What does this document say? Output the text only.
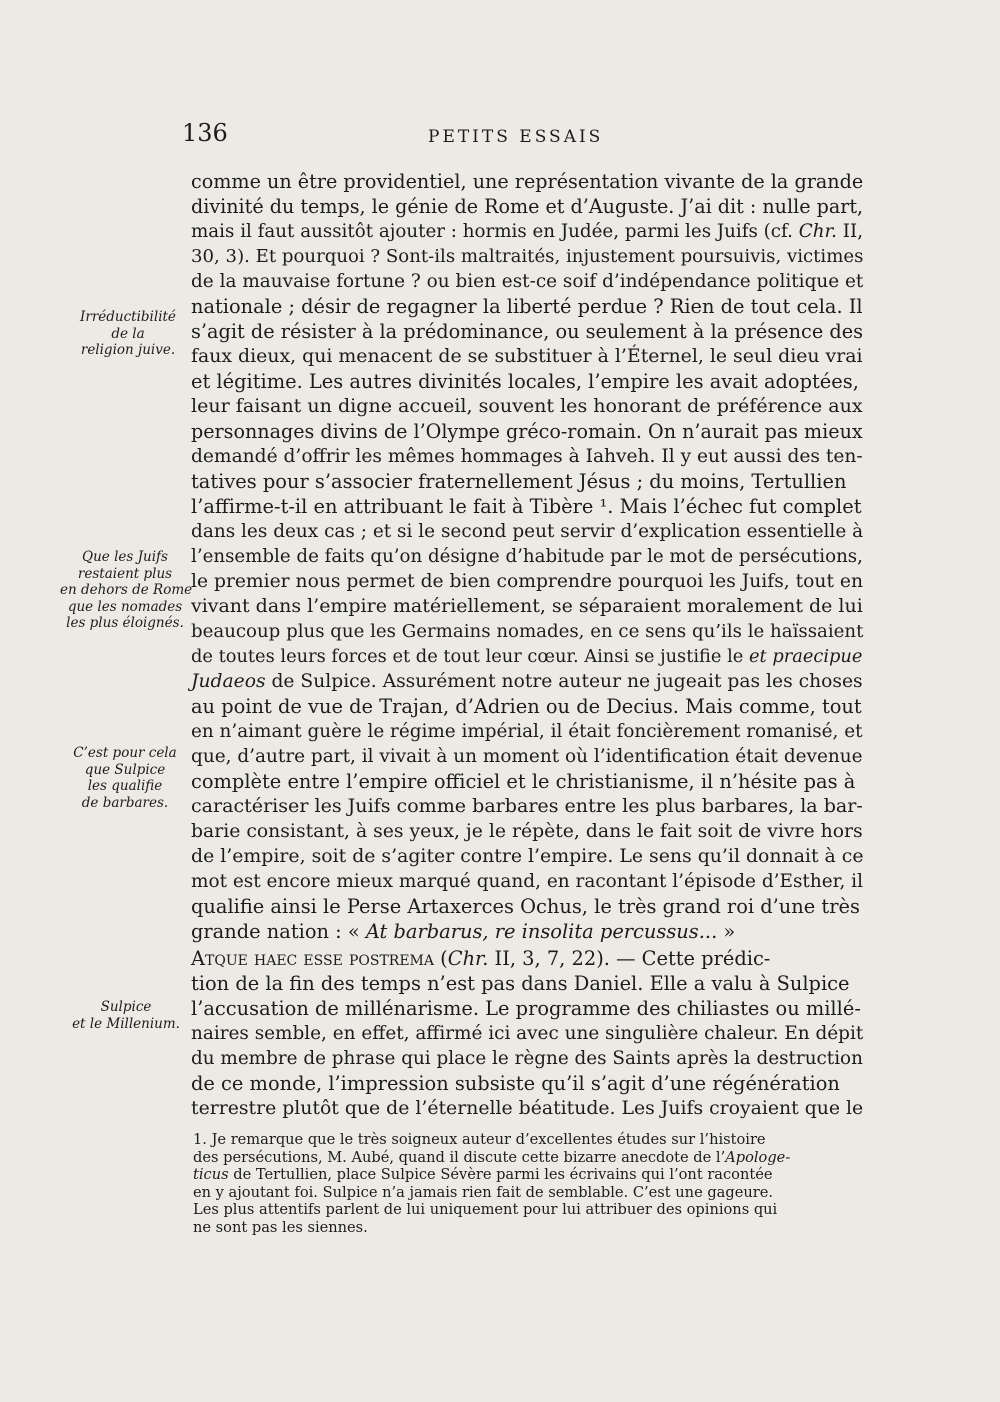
136	PETITS ESSAIS
Irréductibilité
de la
religion juive.
Que les Juifs
restaient plus
en dehors de Rome
que les nomades
les plus éloignés.
C’est pour cela
que Sulpice
les qualifie
de barbares.
Sulpice
et le Millenium.
comme un être providentiel, une représentation vivante de la grande
divinité du temps, le génie de Rome et d’Auguste. J’ai dit : nulle part,
mais il faut aussitôt ajouter : hormis en Judée, parmi les Juifs (cf. Chr. II,
30, 3). Et pourquoi ? Sont-ils maltraités, injustement poursuivis, victimes
de la mauvaise fortune ? ou bien est-ce soif d’indépendance politique et
nationale ; désir de regagner la liberté perdue ? Rien de tout cela. Il
s’agit de résister à la prédominance, ou seulement à la présence des
faux dieux, qui menacent de se substituer à l’Éternel, le seul dieu vrai
et légitime. Les autres divinités locales, l’empire les avait adoptées,
leur faisant un digne accueil, souvent les honorant de préférence aux
personnages divins de l’Olympe gréco-romain. On n’aurait pas mieux
demandé d’offrir les mêmes hommages à Iahveh. Il y eut aussi des ten-
tatives pour s’associer fraternellement Jésus ; du moins, Tertullien
l’affirme-t-il en attribuant le fait à Tibère ¹. Mais l’échec fut complet
dans les deux cas ; et si le second peut servir d’explication essentielle à
l’ensemble de faits qu’on désigne d’habitude par le mot de persécutions,
le premier nous permet de bien comprendre pourquoi les Juifs, tout en
vivant dans l’empire matériellement, se séparaient moralement de lui
beaucoup plus que les Germains nomades, en ce sens qu’ils le haïssaient
de toutes leurs forces et de tout leur cœur. Ainsi se justifie le et praecipue
Judaeos de Sulpice. Assurément notre auteur ne jugeait pas les choses
au point de vue de Trajan, d’Adrien ou de Decius. Mais comme, tout
en n’aimant guère le régime impérial, il était foncièrement romanisé, et
que, d’autre part, il vivait à un moment où l’identification était devenue
complète entre l’empire officiel et le christianisme, il n’hésite pas à
caractériser les Juifs comme barbares entre les plus barbares, la bar-
barie consistant, à ses yeux, je le répète, dans le fait soit de vivre hors
de l’empire, soit de s’agiter contre l’empire. Le sens qu’il donnait à ce
mot est encore mieux marqué quand, en racontant l’épisode d’Esther, il
qualifie ainsi le Perse Artaxerces Ochus, le très grand roi d’une très
grande nation : « At barbarus, re insolita percussus... »
Atque haec esse postrema (Chr. II, 3, 7, 22). — Cette prédic-
tion de la fin des temps n’est pas dans Daniel. Elle a valu à Sulpice
l’accusation de millénarisme. Le programme des chiliastes ou millé-
naires semble, en effet, affirmé ici avec une singulière chaleur. En dépit
du membre de phrase qui place le règne des Saints après la destruction
de ce monde, l’impression subsiste qu’il s’agit d’une régénération
terrestre plutôt que de l’éternelle béatitude. Les Juifs croyaient que le
1. Je remarque que le très soigneux auteur d’excellentes études sur l’histoire
des persécutions, M. Aubé, quand il discute cette bizarre anecdote de l’Apologe-
ticus de Tertullien, place Sulpice Sévère parmi les écrivains qui l’ont racontée
en y ajoutant foi. Sulpice n’a jamais rien fait de semblable. C’est une gageure.
Les plus attentifs parlent de lui uniquement pour lui attribuer des opinions qui
ne sont pas les siennes.
